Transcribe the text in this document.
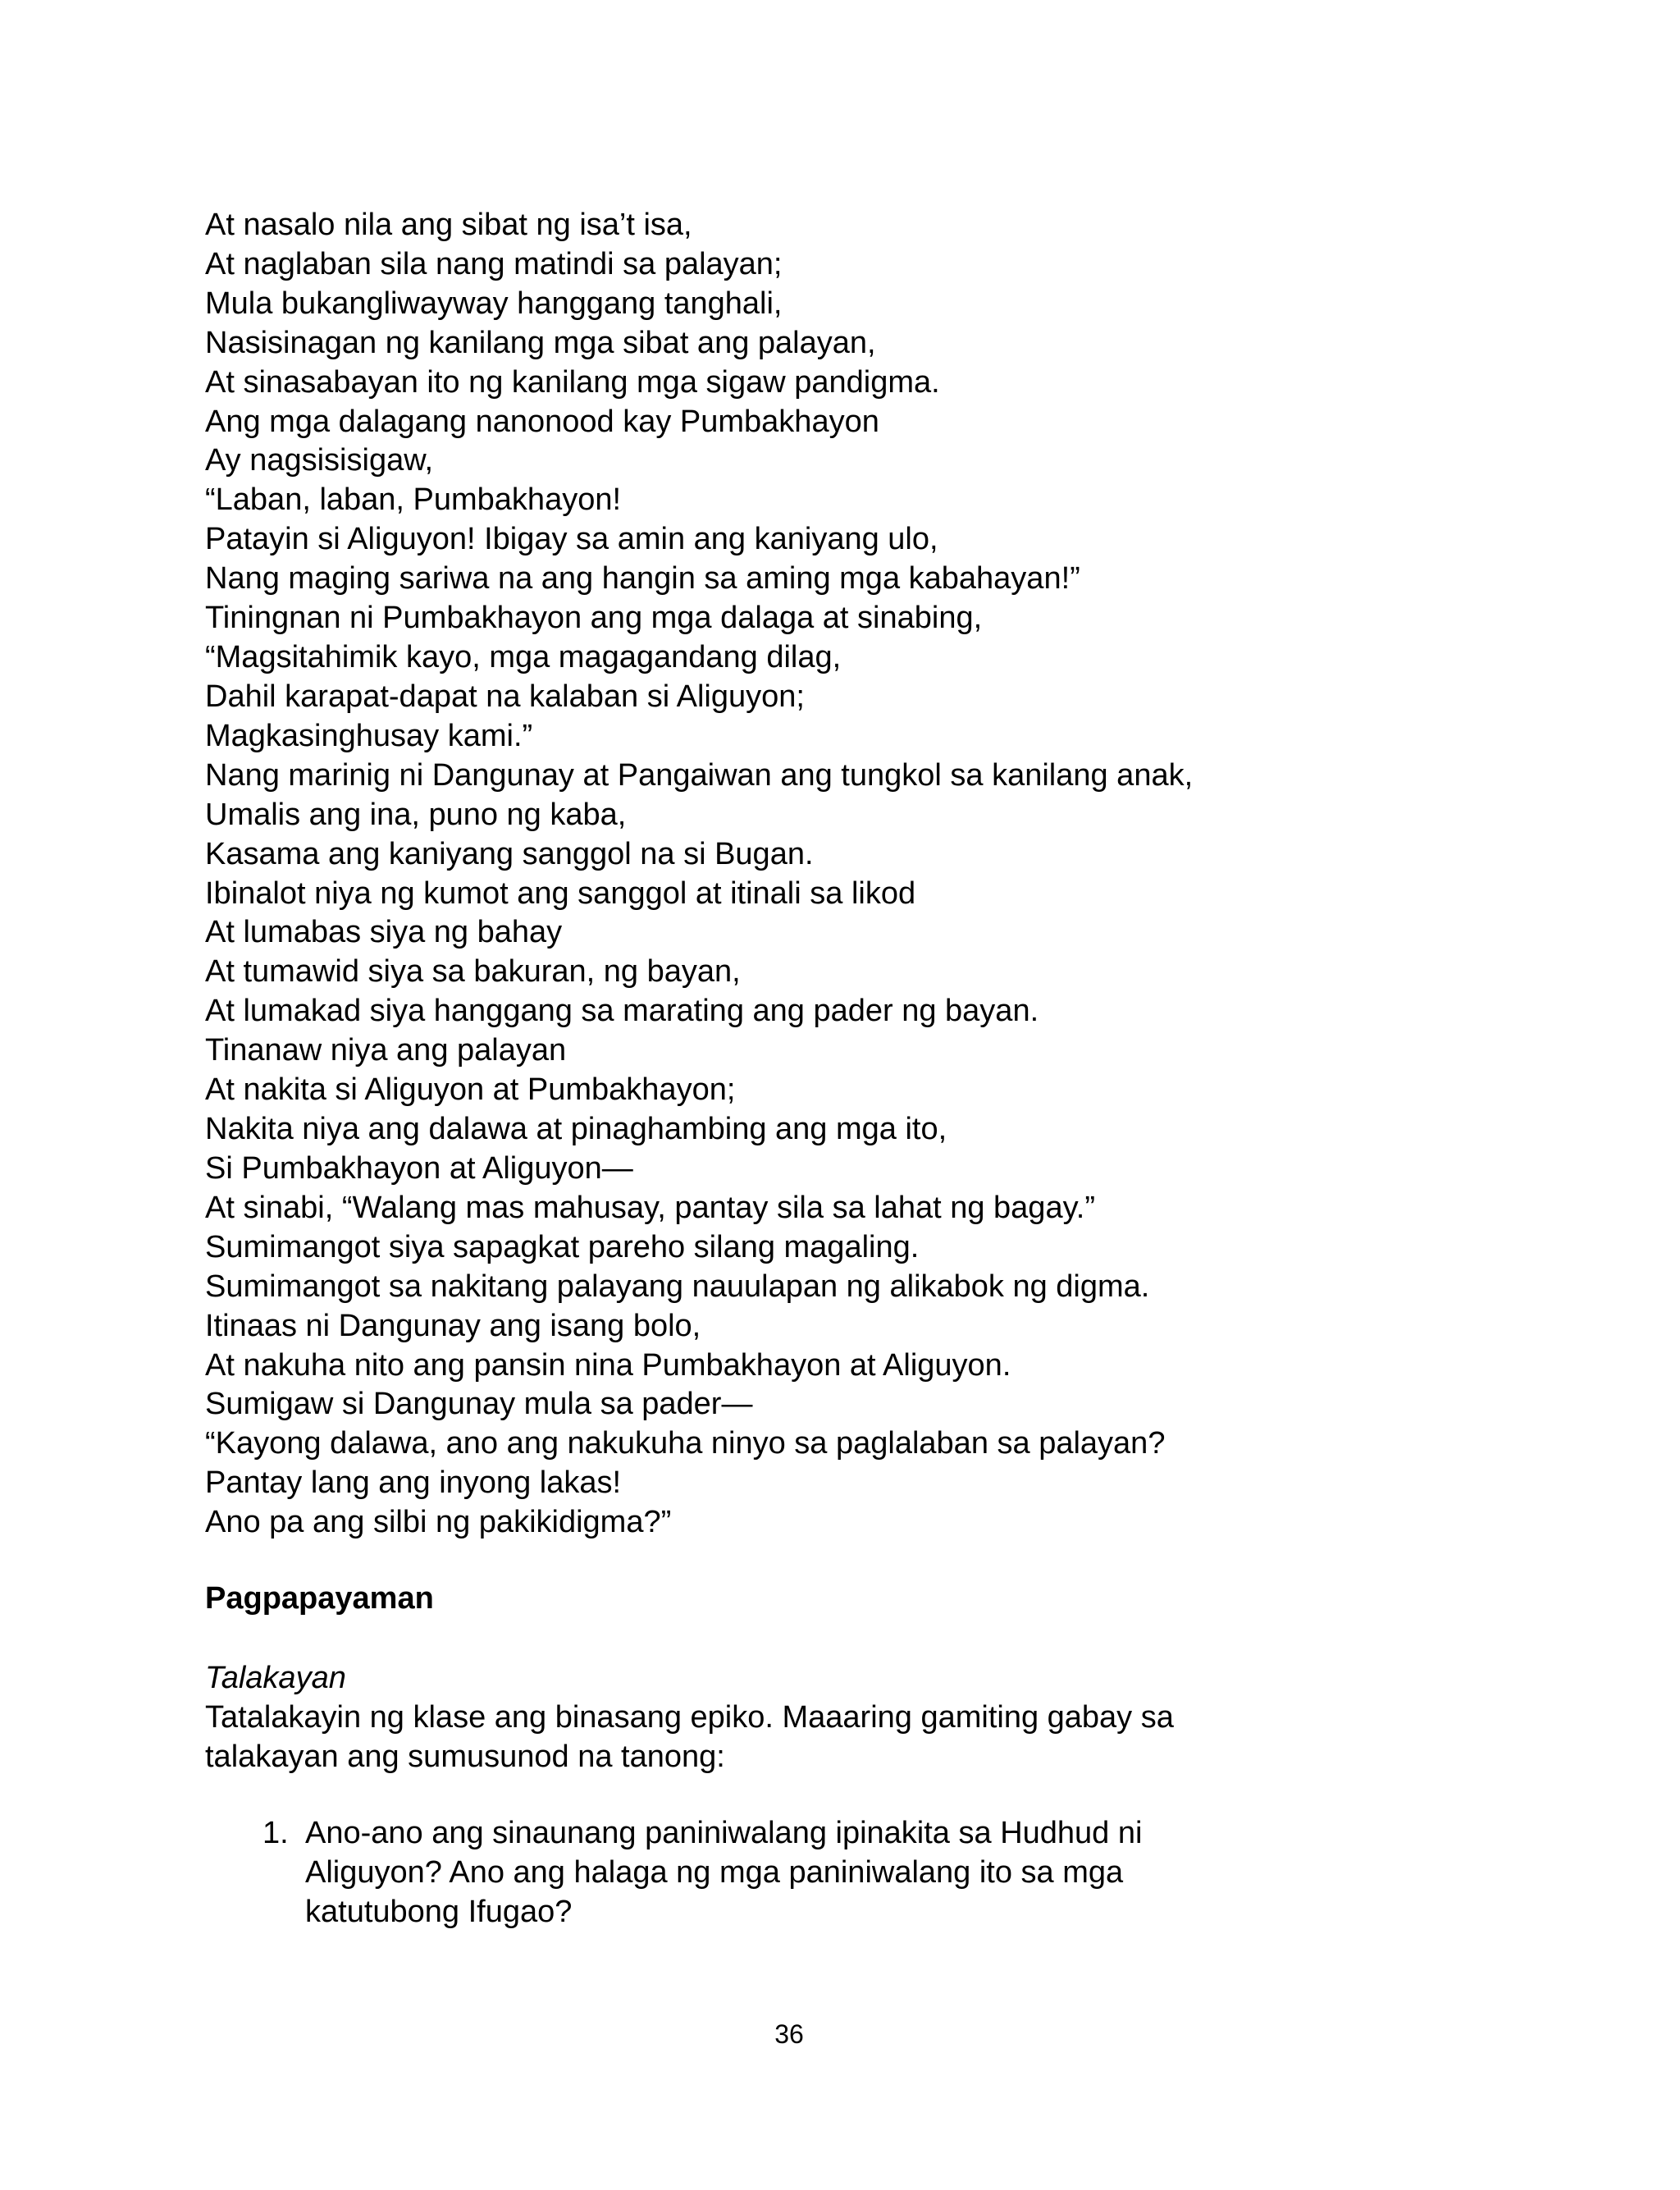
At nasalo nila ang sibat ng isa’t isa,
At naglaban sila nang matindi sa palayan;
Mula bukangliwayway hanggang tanghali,
Nasisinagan ng kanilang mga sibat ang palayan,
At sinasabayan ito ng kanilang mga sigaw pandigma.
Ang mga dalagang nanonood kay Pumbakhayon
Ay nagsisisigaw,
“Laban, laban, Pumbakhayon!
Patayin si Aliguyon! Ibigay sa amin ang kaniyang ulo,
Nang maging sariwa na ang hangin sa aming mga kabahayan!”
Tiningnan ni Pumbakhayon ang mga dalaga at sinabing,
“Magsitahimik kayo, mga magagandang dilag,
Dahil karapat-dapat na kalaban si Aliguyon;
Magkasinghusay kami.”
Nang marinig ni Dangunay at Pangaiwan ang tungkol sa kanilang anak,
Umalis ang ina, puno ng kaba,
Kasama ang kaniyang sanggol na si Bugan.
Ibinalot niya ng kumot ang sanggol at itinali sa likod
At lumabas siya ng bahay
At tumawid siya sa bakuran, ng bayan,
At lumakad siya hanggang sa marating ang pader ng bayan.
Tinanaw niya ang palayan
At nakita si Aliguyon at Pumbakhayon;
Nakita niya ang dalawa at pinaghambing ang mga ito,
Si Pumbakhayon at Aliguyon—
At sinabi, “Walang mas mahusay, pantay sila sa lahat ng bagay.”
Sumimangot siya sapagkat pareho silang magaling.
Sumimangot sa nakitang palayang nauulapan ng alikabok ng digma.
Itinaas ni Dangunay ang isang bolo,
At nakuha nito ang pansin nina Pumbakhayon at Aliguyon.
Sumigaw si Dangunay mula sa pader—
“Kayong dalawa, ano ang nakukuha ninyo sa paglalaban sa palayan?
Pantay lang ang inyong lakas!
Ano pa ang silbi ng pakikidigma?”
Pagpapayaman
Talakayan
Tatalakayin ng klase ang binasang epiko. Maaaring gamiting gabay sa
talakayan ang sumusunod na tanong:
1. Ano-ano ang sinaunang paniniwalang ipinakita sa Hudhud ni
Aliguyon? Ano ang halaga ng mga paniniwalang ito sa mga
katutubong Ifugao?
36
